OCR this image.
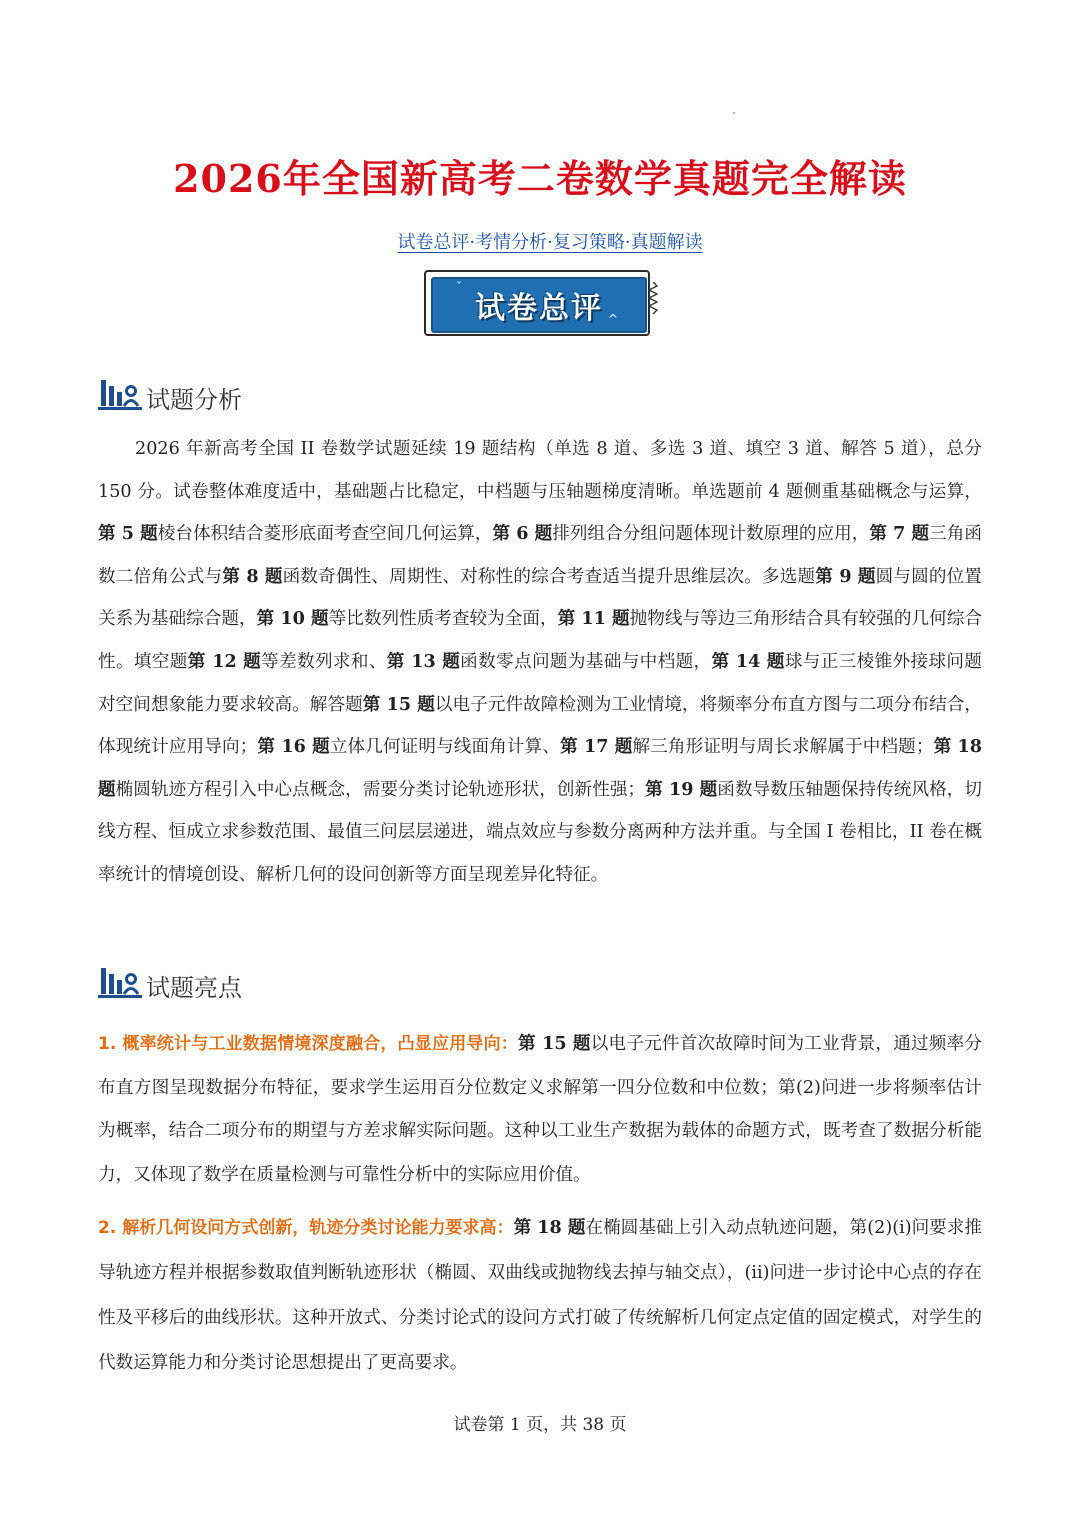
2026年全国新高考二卷数学真题完全解读
试卷总评·考情分析·复习策略·真题解读
试卷总评
ˇ
^
试题分析

2026 年新高考全国 II 卷数学试题延续 19 题结构（单选 8 道、多选 3 道、填空 3 道、解答 5 道），总分 150 分。试卷整体难度适中，基础题占比稳定，中档题与压轴题梯度清晰。单选题前 4 题侧重基础概念与运算，第 5 题棱台体积结合菱形底面考查空间几何运算，第 6 题排列组合分组问题体现计数原理的应用，第 7 题三角函数二倍角公式与第 8 题函数奇偶性、周期性、对称性的综合考查适当提升思维层次。多选题第 9 题圆与圆的位置关系为基础综合题，第 10 题等比数列性质考查较为全面，第 11 题抛物线与等边三角形结合具有较强的几何综合性。填空题第 12 题等差数列求和、第 13 题函数零点问题为基础与中档题，第 14 题球与正三棱锥外接球问题对空间想象能力要求较高。解答题第 15 题以电子元件故障检测为工业情境，将频率分布直方图与二项分布结合，体现统计应用导向；第 16 题立体几何证明与线面角计算、第 17 题解三角形证明与周长求解属于中档题；第 18 题椭圆轨迹方程引入中心点概念，需要分类讨论轨迹形状，创新性强；第 19 题函数导数压轴题保持传统风格，切线方程、恒成立求参数范围、最值三问层层递进，端点效应与参数分离两种方法并重。与全国 I 卷相比，II 卷在概率统计的情境创设、解析几何的设问创新等方面呈现差异化特征。

试题亮点

1. 概率统计与工业数据情境深度融合，凸显应用导向：第 15 题以电子元件首次故障时间为工业背景，通过频率分布直方图呈现数据分布特征，要求学生运用百分位数定义求解第一四分位数和中位数；第(2)问进一步将频率估计为概率，结合二项分布的期望与方差求解实际问题。这种以工业生产数据为载体的命题方式，既考查了数据分析能力，又体现了数学在质量检测与可靠性分析中的实际应用价值。

2. 解析几何设问方式创新，轨迹分类讨论能力要求高：第 18 题在椭圆基础上引入动点轨迹问题，第(2)(i)问要求推导轨迹方程并根据参数取值判断轨迹形状（椭圆、双曲线或抛物线去掉与轴交点），(ii)问进一步讨论中心点的存在性及平移后的曲线形状。这种开放式、分类讨论式的设问方式打破了传统解析几何定点定值的固定模式，对学生的代数运算能力和分类讨论思想提出了更高要求。

试卷第 1 页，共 38 页
